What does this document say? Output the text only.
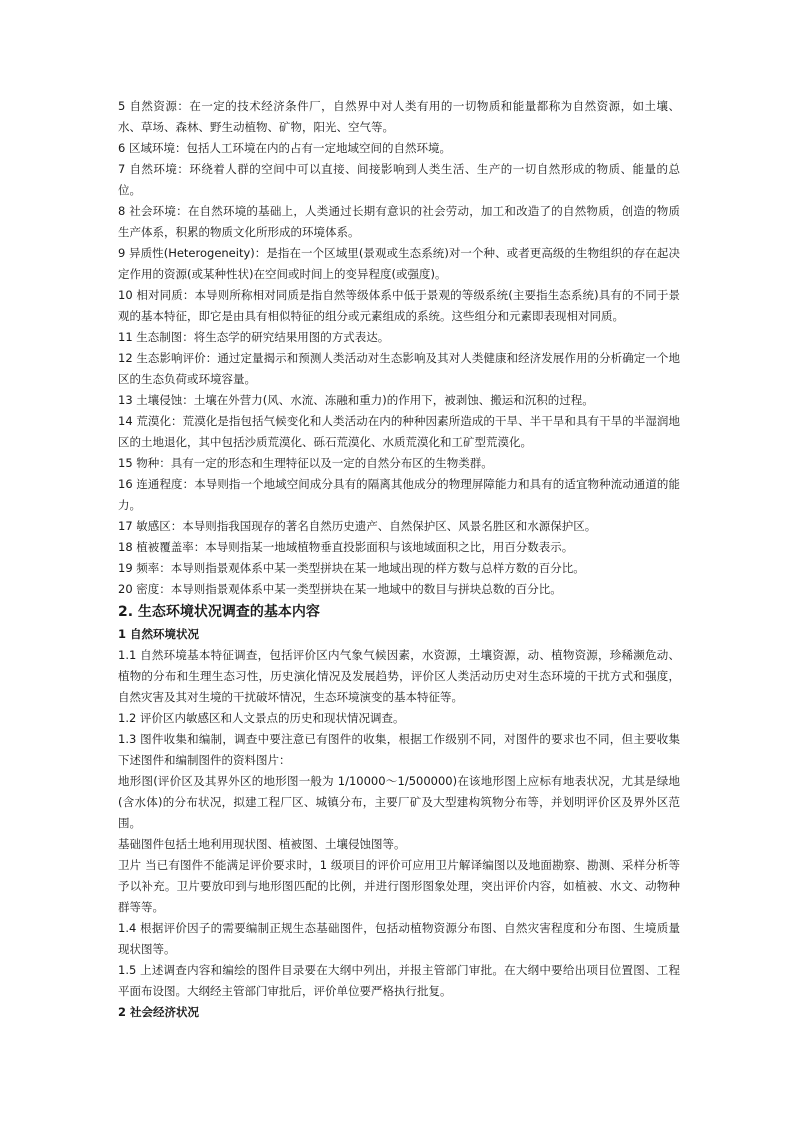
5 自然资源：在一定的技术经济条件厂，自然界中对人类有用的一切物质和能量都称为自然资源，如土壤、水、草场、森林、野生动植物、矿物，阳光、空气等。

6 区域环境：包括人工环境在内的占有一定地域空间的自然环境。

7 自然环境：环绕着人群的空间中可以直接、间接影响到人类生活、生产的一切自然形成的物质、能量的总位。

8 社会环境：在自然环境的基础上，人类通过长期有意识的社会劳动，加工和改造了的自然物质，创造的物质生产体系，积累的物质文化所形成的环境体系。

9 异质性(Heterogeneity)：是指在一个区域里(景观或生态系统)对一个种、或者更高级的生物组织的存在起决定作用的资源(或某种性状)在空间或时间上的变异程度(或强度)。

10 相对同质：本导则所称相对同质是指自然等级体系中低于景观的等级系统(主要指生态系统)具有的不同于景观的基本特征，即它是由具有相似特征的组分或元素组成的系统。这些组分和元素即表现相对同质。

11 生态制图：将生态学的研究结果用图的方式表达。

12 生态影响评价：通过定量揭示和预测人类活动对生态影响及其对人类健康和经济发展作用的分析确定一个地区的生态负荷或环境容量。

13 土壤侵蚀：土壤在外营力(风、水流、冻融和重力)的作用下，被剥蚀、搬运和沉积的过程。

14 荒漠化：荒漠化是指包括气候变化和人类活动在内的种种因素所造成的干旱、半干旱和具有干旱的半湿润地区的土地退化，其中包括沙质荒漠化、砾石荒漠化、水质荒漠化和工矿型荒漠化。

15 物种：具有一定的形态和生理特征以及一定的自然分布区的生物类群。

16 连通程度：本导则指一个地域空间成分具有的隔离其他成分的物理屏障能力和具有的适宜物种流动通道的能力。

17 敏感区：本导则指我国现存的著名自然历史遗产、自然保护区、风景名胜区和水源保护区。

18 植被覆盖率：本导则指某一地域植物垂直投影面积与该地域面积之比，用百分数表示。

19 频率：本导则指景观体系中某一类型拼块在某一地域出现的样方数与总样方数的百分比。

20 密度：本导则指景观体系中某一类型拼块在某一地域中的数目与拼块总数的百分比。

2. 生态环境状况调查的基本内容
1 自然环境状况

1.1 自然环境基本特征调查，包括评价区内气象气候因素，水资源，土壤资源，动、植物资源，珍稀濒危动、植物的分布和生理生态习性，历史演化情况及发展趋势，评价区人类活动历史对生态环境的干扰方式和强度，自然灾害及其对生境的干扰破坏情况，生态环境演变的基本特征等。

1.2 评价区内敏感区和人文景点的历史和现状情况调查。

1.3 图件收集和编制，调查中要注意已有图件的收集，根据工作级别不同，对图件的要求也不同，但主要收集下述图件和编制图件的资料图片：

地形图(评价区及其界外区的地形图一般为 1/10000～1/500000)在该地形图上应标有地表状况，尤其是绿地(含水体)的分布状况，拟建工程厂区、城镇分布，主要厂矿及大型建构筑物分布等，并划明评价区及界外区范围。

基础图件包括土地利用现状图、植被图、土壤侵蚀图等。

卫片 当已有图件不能满足评价要求时，1 级项目的评价可应用卫片解译编图以及地面勘察、勘测、采样分析等予以补充。卫片要放印到与地形图匹配的比例，并进行图形图象处理，突出评价内容，如植被、水文、动物种群等等。

1.4 根据评价因子的需要编制正规生态基础图件，包括动植物资源分布图、自然灾害程度和分布图、生境质量现状图等。

1.5 上述调查内容和编绘的图件目录要在大纲中列出，并报主管部门审批。在大纲中要给出项目位置图、工程平面布设图。大纲经主管部门审批后，评价单位要严格执行批复。

2 社会经济状况
